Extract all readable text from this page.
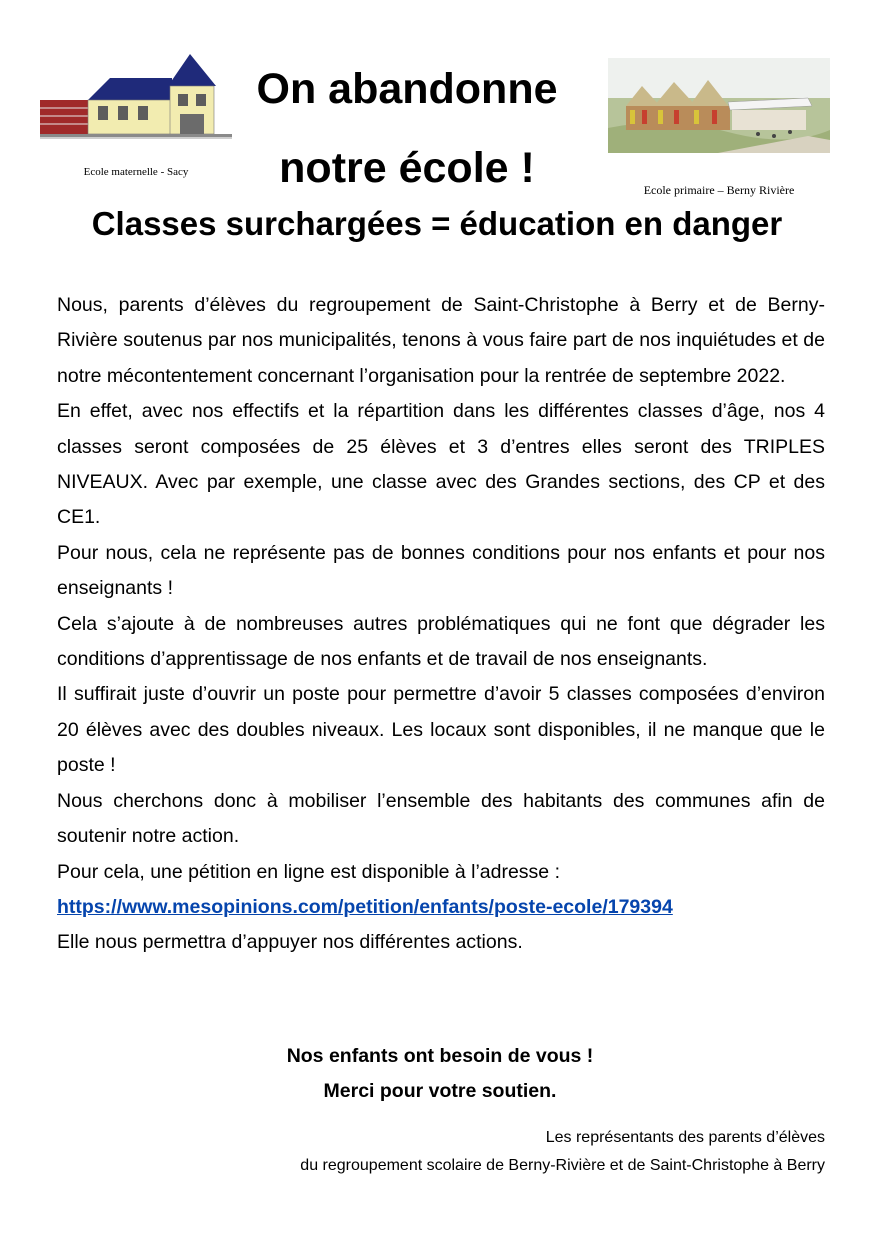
Ecole maternelle - Sacy
On abandonne
notre école !	Ecole primaire – Berny Rivière
Classes surchargées = éducation en danger

Nous, parents d’élèves du regroupement de Saint-Christophe à Berry et de Berny-Rivière soutenus par nos municipalités, tenons à vous faire part de nos inquiétudes et de notre mécontentement concernant l’organisation pour la rentrée de septembre 2022.

En effet, avec nos effectifs et la répartition dans les différentes classes d’âge, nos 4 classes seront composées de 25 élèves et 3 d’entres elles seront des TRIPLES NIVEAUX. Avec par exemple, une classe avec des Grandes sections, des CP et des CE1.

Pour nous, cela ne représente pas de bonnes conditions pour nos enfants et pour nos enseignants !

Cela s’ajoute à de nombreuses autres problématiques qui ne font que dégrader les conditions d’apprentissage de nos enfants et de travail de nos enseignants.

Il suffirait juste d’ouvrir un poste pour permettre d’avoir 5 classes composées d’environ 20 élèves avec des doubles niveaux. Les locaux sont disponibles, il ne manque que le poste !

Nous cherchons donc à mobiliser l’ensemble des habitants des communes afin de soutenir notre action.

Pour cela, une pétition en ligne est disponible à l’adresse :

https://www.mesopinions.com/petition/enfants/poste-ecole/179394

Elle nous permettra d’appuyer nos différentes actions.

Nos enfants ont besoin de vous !
Merci pour votre soutien.
Les représentants des parents d’élèves
du regroupement scolaire de Berny-Rivière et de Saint-Christophe à Berry
